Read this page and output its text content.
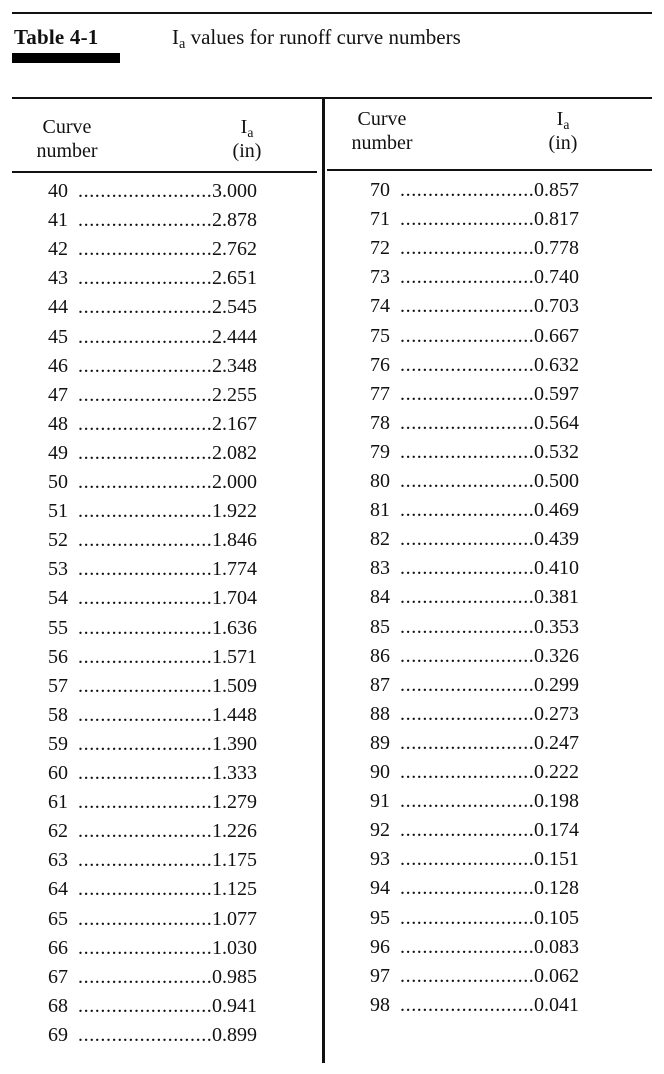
Table 4-1	$I_a$ values for runoff curve numbers
Curve
number
$I_a$
(in)
Curve
number
$I_a$
(in)
40 .....	3.000
41 .....	2.878
42 .....	2.762
43 .....	2.651
44 .....	2.545
45 .....	2.444
46 .....	2.348
47 .....	2.255
48 .....	2.167
49 .....	2.082
50 .....	2.000
51 .....	1.922
52 .....	1.846
53 .....	1.774
54 .....	1.704
55 .....	1.636
56 .....	1.571
57 .....	1.509
58 .....	1.448
59 .....	1.390
60 .....	1.333
61 .....	1.279
62 .....	1.226
63 .....	1.175
64 .....	1.125
65 .....	1.077
66 .....	1.030
67 .....	0.985
68 .....	0.941
69 .....	0.899
70 .....	0.857
71 .....	0.817
72 .....	0.778
73 .....	0.740
74 .....	0.703
75 .....	0.667
76 .....	0.632
77 .....	0.597
78 .....	0.564
79 .....	0.532
80 .....	0.500
81 .....	0.469
82 .....	0.439
83 .....	0.410
84 .....	0.381
85 .....	0.353
86 .....	0.326
87 .....	0.299
88 .....	0.273
89 .....	0.247
90 .....	0.222
91 .....	0.198
92 .....	0.174
93 .....	0.151
94 .....	0.128
95 .....	0.105
96 .....	0.083
97 .....	0.062
98 .....	0.041
